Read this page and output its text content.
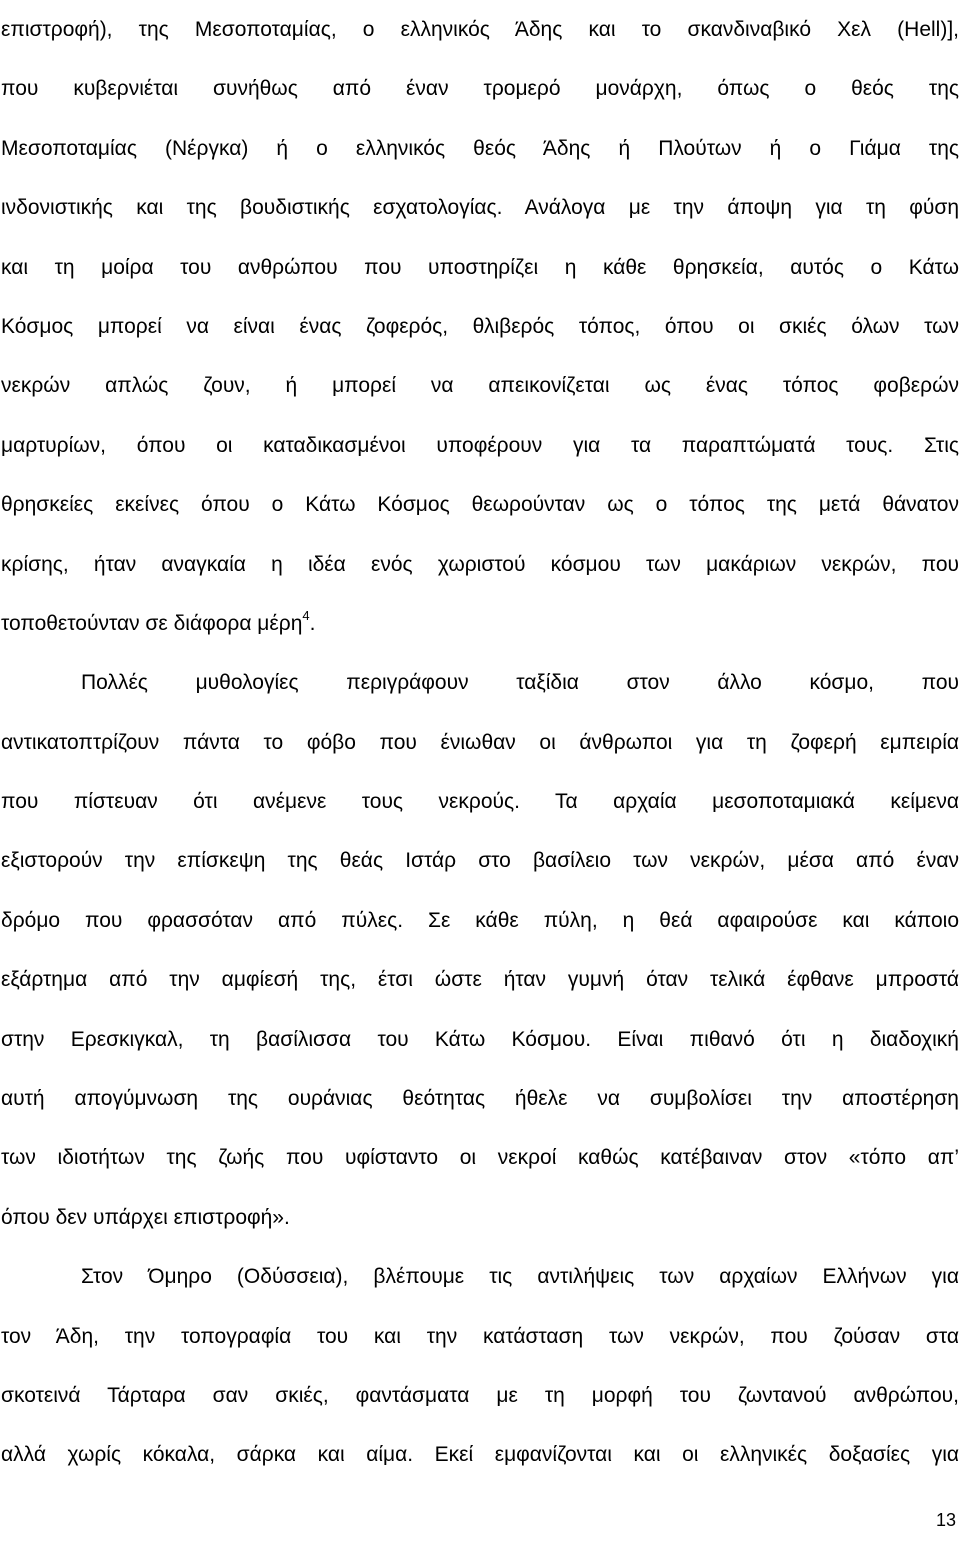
επιστροφή), της Μεσοποταμίας, ο ελληνικός Άδης και το σκανδιναβικό Χελ (Hell)],
που κυβερνιέται συνήθως από έναν τρομερό μονάρχη, όπως ο θεός της
Μεσοποταμίας (Νέργκα) ή ο ελληνικός θεός Άδης ή Πλούτων ή ο Γιάμα της
ινδονιστικής και της βουδιστικής εσχατολογίας. Ανάλογα με την άποψη για τη φύση
και τη μοίρα του ανθρώπου που υποστηρίζει η κάθε θρησκεία, αυτός ο Κάτω
Κόσμος μπορεί να είναι ένας ζοφερός, θλιβερός τόπος, όπου οι σκιές όλων των
νεκρών απλώς ζουν, ή μπορεί να απεικονίζεται ως ένας τόπος φοβερών
μαρτυρίων, όπου οι καταδικασμένοι υποφέρουν για τα παραπτώματά τους. Στις
θρησκείες εκείνες όπου ο Κάτω Κόσμος θεωρούνταν ως ο τόπος της μετά θάνατον
κρίσης, ήταν αναγκαία η ιδέα ενός χωριστού κόσμου των μακάριων νεκρών, που
τοποθετούνταν σε διάφορα μέρη$^4$.
Πολλές μυθολογίες περιγράφουν ταξίδια στον άλλο κόσμο, που
αντικατοπτρίζουν πάντα το φόβο που ένιωθαν οι άνθρωποι για τη ζοφερή εμπειρία
που πίστευαν ότι ανέμενε τους νεκρούς. Τα αρχαία μεσοποταμιακά κείμενα
εξιστορούν την επίσκεψη της θεάς Ιστάρ στο βασίλειο των νεκρών, μέσα από έναν
δρόμο που φρασσόταν από πύλες. Σε κάθε πύλη, η θεά αφαιρούσε και κάποιο
εξάρτημα από την αμφίεσή της, έτσι ώστε ήταν γυμνή όταν τελικά έφθανε μπροστά
στην Ερεσκιγκαλ, τη βασίλισσα του Κάτω Κόσμου. Είναι πιθανό ότι η διαδοχική
αυτή απογύμνωση της ουράνιας θεότητας ήθελε να συμβολίσει την αποστέρηση
των ιδιοτήτων της ζωής που υφίσταντο οι νεκροί καθώς κατέβαιναν στον «τόπο απ’
όπου δεν υπάρχει επιστροφή».
Στον Όμηρο (Οδύσσεια), βλέπουμε τις αντιλήψεις των αρχαίων Ελλήνων για
τον Άδη, την τοπογραφία του και την κατάσταση των νεκρών, που ζούσαν στα
σκοτεινά Τάρταρα σαν σκιές, φαντάσματα με τη μορφή του ζωντανού ανθρώπου,
αλλά χωρίς κόκαλα, σάρκα και αίμα. Εκεί εμφανίζονται και οι ελληνικές δοξασίες για
13
